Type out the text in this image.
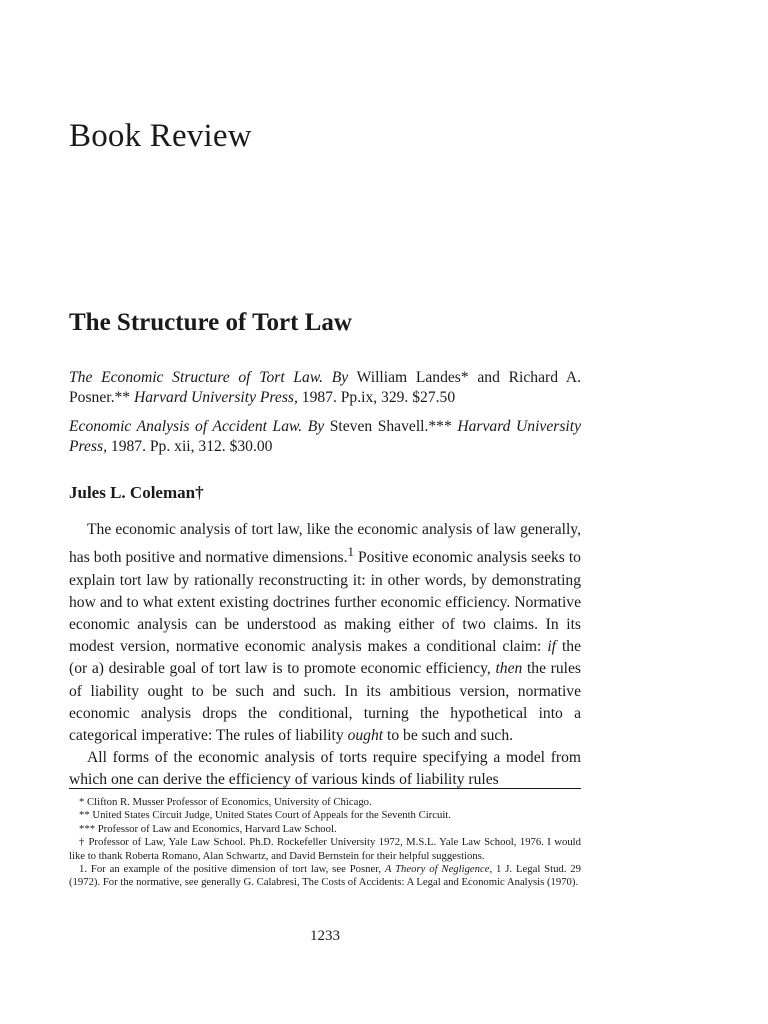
Book Review
The Structure of Tort Law

The Economic Structure of Tort Law. By William Landes* and Richard A. Posner.** Harvard University Press, 1987. Pp.ix, 329. $27.50

Economic Analysis of Accident Law. By Steven Shavell.*** Harvard University Press, 1987. Pp. xii, 312. $30.00

Jules L. Coleman†

The economic analysis of tort law, like the economic analysis of law generally, has both positive and normative dimensions.$^1$ Positive economic analysis seeks to explain tort law by rationally reconstructing it: in other words, by demonstrating how and to what extent existing doctrines further economic efficiency. Normative economic analysis can be understood as making either of two claims. In its modest version, normative economic analysis makes a conditional claim: if the (or a) desirable goal of tort law is to promote economic efficiency, then the rules of liability ought to be such and such. In its ambitious version, normative economic analysis drops the conditional, turning the hypothetical into a categorical imperative: The rules of liability ought to be such and such.

All forms of the economic analysis of torts require specifying a model from which one can derive the efficiency of various kinds of liability rules

* Clifton R. Musser Professor of Economics, University of Chicago.

** United States Circuit Judge, United States Court of Appeals for the Seventh Circuit.

*** Professor of Law and Economics, Harvard Law School.

† Professor of Law, Yale Law School. Ph.D. Rockefeller University 1972, M.S.L. Yale Law School, 1976. I would like to thank Roberta Romano, Alan Schwartz, and David Bernstein for their helpful suggestions.

1. For an example of the positive dimension of tort law, see Posner, A Theory of Negligence, 1 J. Legal Stud. 29 (1972). For the normative, see generally G. Calabresi, The Costs of Accidents: A Legal and Economic Analysis (1970).

1233
